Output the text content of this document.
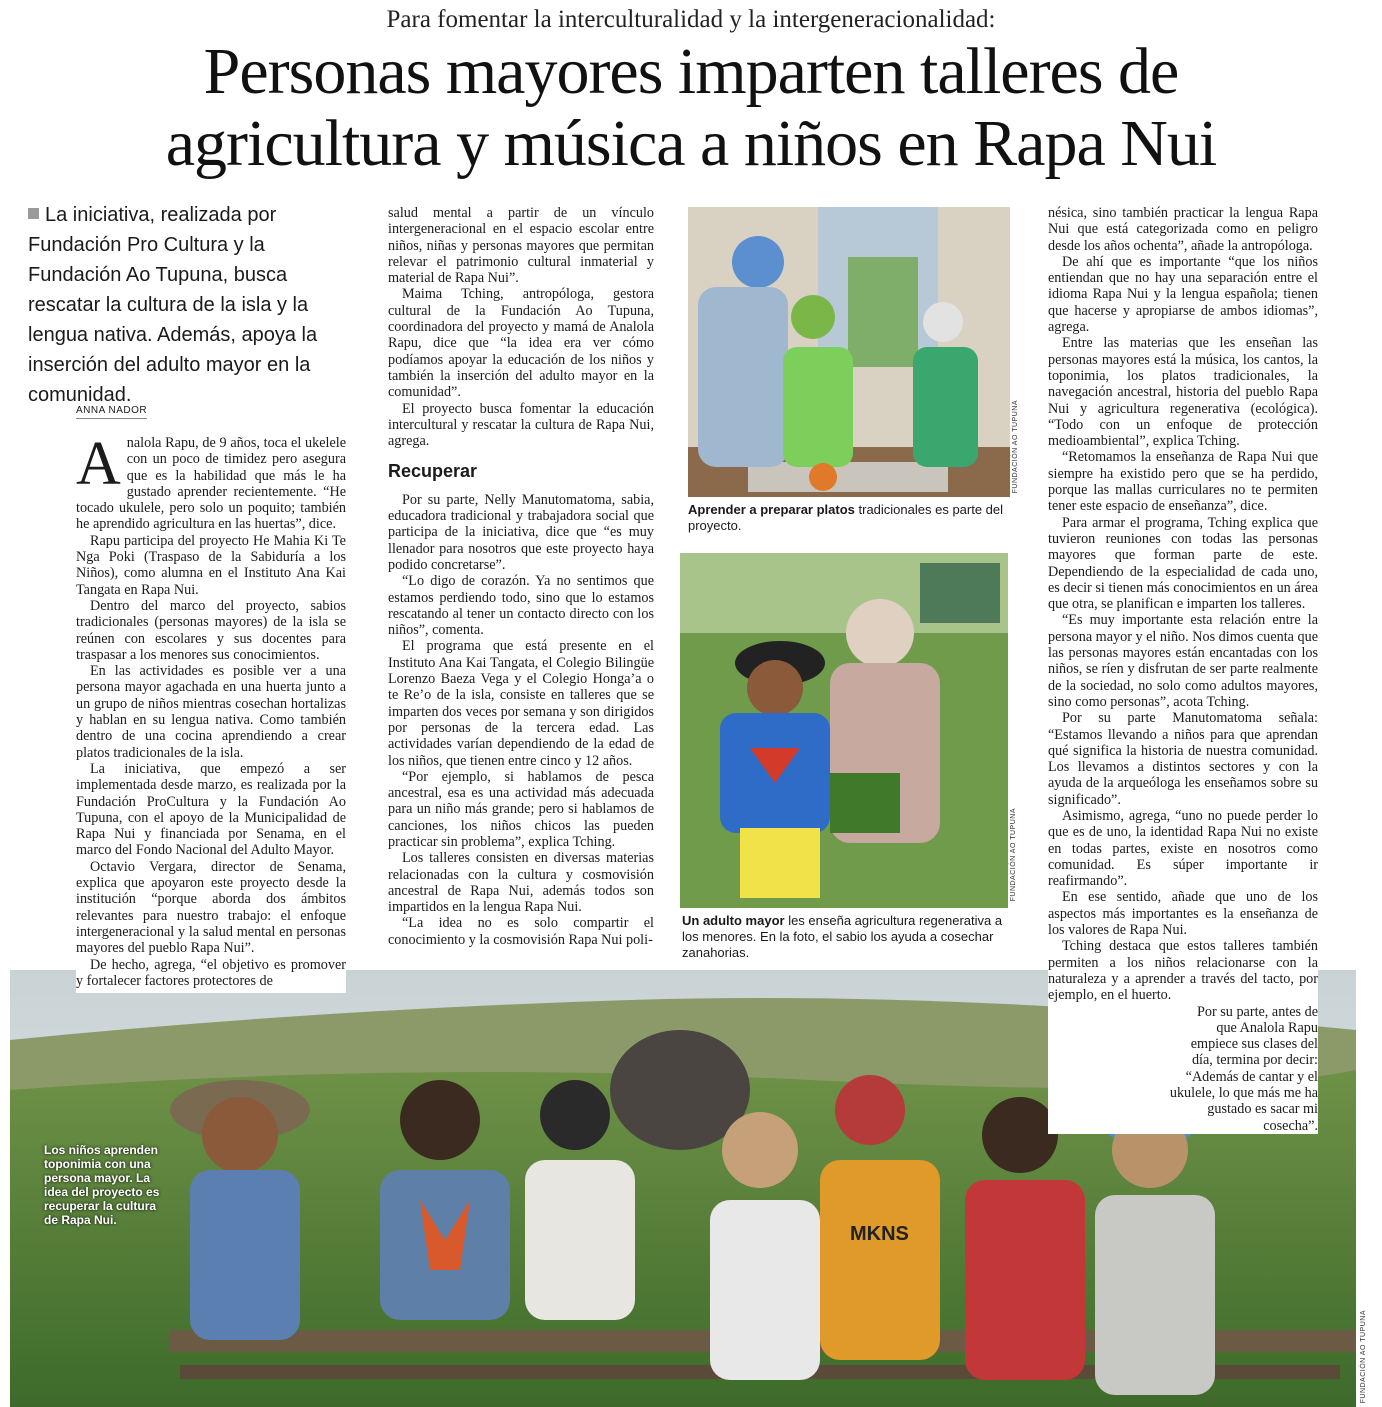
MKNS
FUNDACIÓN AO TUPUNA
Los niños aprenden toponimia con una persona mayor. La idea del proyecto es recuperar la cultura de Rapa Nui.
Para fomentar la interculturalidad y la intergeneracionalidad:
Personas mayores imparten talleres de
agricultura y música a niños en Rapa Nui
La iniciativa, realizada por Fundación Pro Cultura y la Fundación Ao Tupuna, busca rescatar la cultura de la isla y la lengua nativa. Además, apoya la inserción del adulto mayor en la comunidad.
ANNA NADOR

Analola Rapu, de 9 años, toca el ukelele con un poco de timidez pero asegura que es la habilidad que más le ha gustado aprender recientemente. “He tocado ukulele, pero solo un poquito; también he aprendido agricultura en las huertas”, dice.

Rapu participa del proyecto He Mahia Ki Te Nga Poki (Traspaso de la Sabiduría a los Niños), como alumna en el Instituto Ana Kai Tangata en Rapa Nui.

Dentro del marco del proyecto, sabios tradicionales (personas mayores) de la isla se reúnen con escolares y sus docentes para traspasar a los menores sus conocimientos.

En las actividades es posible ver a una persona mayor agachada en una huerta junto a un grupo de niños mientras cosechan hortalizas y hablan en su lengua nativa. Como también dentro de una cocina aprendiendo a crear platos tradicionales de la isla.

La iniciativa, que empezó a ser implementada desde marzo, es realizada por la Fundación ProCultura y la Fundación Ao Tupuna, con el apoyo de la Municipalidad de Rapa Nui y financiada por Senama, en el marco del Fondo Nacional del Adulto Mayor.

Octavio Vergara, director de Senama, explica que apoyaron este proyecto desde la institución “porque aborda dos ámbitos relevantes para nuestro trabajo: el enfoque intergeneracional y la salud mental en personas mayores del pueblo Rapa Nui”.

De hecho, agrega, “el objetivo es promover y fortalecer factores protectores de

salud mental a partir de un vínculo intergeneracional en el espacio escolar entre niños, niñas y personas mayores que permitan relevar el patrimonio cultural inmaterial y material de Rapa Nui”.

Maima Tching, antropóloga, gestora cultural de la Fundación Ao Tupuna, coordinadora del proyecto y mamá de Analola Rapu, dice que “la idea era ver cómo podíamos apoyar la educación de los niños y también la inserción del adulto mayor en la comunidad”.

El proyecto busca fomentar la educación intercultural y rescatar la cultura de Rapa Nui, agrega.

Recuperar

Por su parte, Nelly Manutomatoma, sabia, educadora tradicional y trabajadora social que participa de la iniciativa, dice que “es muy llenador para nosotros que este proyecto haya podido concretarse”.

“Lo digo de corazón. Ya no sentimos que estamos perdiendo todo, sino que lo estamos rescatando al tener un contacto directo con los niños”, comenta.

El programa que está presente en el Instituto Ana Kai Tangata, el Colegio Bilingüe Lorenzo Baeza Vega y el Colegio Honga’a o te Re’o de la isla, consiste en talleres que se imparten dos veces por semana y son dirigidos por personas de la tercera edad. Las actividades varían dependiendo de la edad de los niños, que tienen entre cinco y 12 años.

“Por ejemplo, si hablamos de pesca ancestral, esa es una actividad más adecuada para un niño más grande; pero si hablamos de canciones, los niños chicos las pueden practicar sin problema”, explica Tching.

Los talleres consisten en diversas materias relacionadas con la cultura y cosmovisión ancestral de Rapa Nui, además todos son impartidos en la lengua Rapa Nui.

“La idea no es solo compartir el conocimiento y la cosmovisión Rapa Nui poli-

FUNDACIÓN AO TUPUNA
Aprender a preparar platos tradicionales es parte del proyecto.
FUNDACIÓN AO TUPUNA
Un adulto mayor les enseña agricultura regenerativa a los menores. En la foto, el sabio los ayuda a cosechar zanahorias.

nésica, sino también practicar la lengua Rapa Nui que está categorizada como en peligro desde los años ochenta”, añade la antropóloga.

De ahí que es importante “que los niños entiendan que no hay una separación entre el idioma Rapa Nui y la lengua española; tienen que hacerse y apropiarse de ambos idiomas”, agrega.

Entre las materias que les enseñan las personas mayores está la música, los cantos, la toponimia, los platos tradicionales, la navegación ancestral, historia del pueblo Rapa Nui y agricultura regenerativa (ecológica). “Todo con un enfoque de protección medioambiental”, explica Tching.

“Retomamos la enseñanza de Rapa Nui que siempre ha existido pero que se ha perdido, porque las mallas curriculares no te permiten tener este espacio de enseñanza”, dice.

Para armar el programa, Tching explica que tuvieron reuniones con todas las personas mayores que forman parte de este. Dependiendo de la especialidad de cada uno, es decir si tienen más conocimientos en un área que otra, se planifican e imparten los talleres.

“Es muy importante esta relación entre la persona mayor y el niño. Nos dimos cuenta que las personas mayores están encantadas con los niños, se ríen y disfrutan de ser parte realmente de la sociedad, no solo como adultos mayores, sino como personas”, acota Tching.

Por su parte Manutomatoma señala: “Estamos llevando a niños para que aprendan qué significa la historia de nuestra comunidad. Los llevamos a distintos sectores y con la ayuda de la arqueóloga les enseñamos sobre su significado”.

Asimismo, agrega, “uno no puede perder lo que es de uno, la identidad Rapa Nui no existe en todas partes, existe en nosotros como comunidad. Es súper importante ir reafirmando”.

En ese sentido, añade que uno de los aspectos más importantes es la enseñanza de los valores de Rapa Nui.

Tching destaca que estos talleres también permiten a los niños relacionarse con la naturaleza y a aprender a través del tacto, por ejemplo, en el huerto.

Por su parte, antes de que Analola Rapu empiece sus clases del día, termina por decir: “Además de cantar y el ukulele, lo que más me ha gustado es sacar mi cosecha”.
